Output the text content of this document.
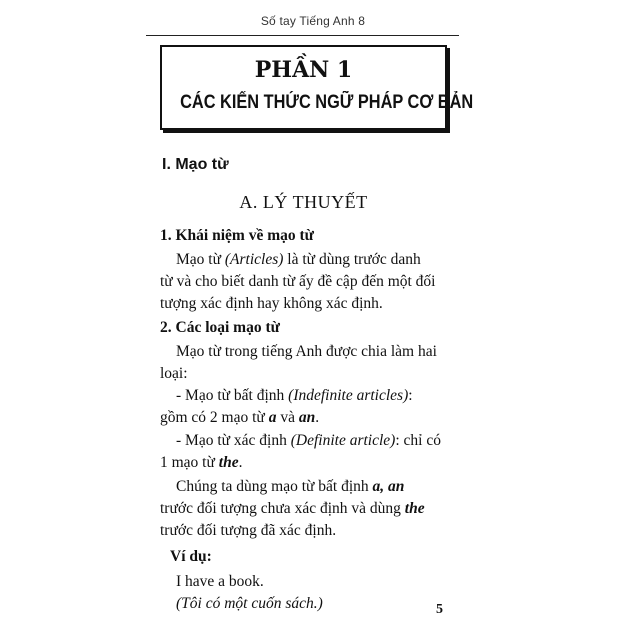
Số tay Tiếng Anh 8
PHẦN 1
CÁC KIẾN THỨC NGỮ PHÁP CƠ BẢN
I. Mạo từ
A. LÝ THUYẾT
1. Khái niệm về mạo từ
Mạo từ (Articles) là từ dùng trước danh
từ và cho biết danh từ ấy đề cập đến một đối
tượng xác định hay không xác định.
2. Các loại mạo từ
Mạo từ trong tiếng Anh được chia làm hai
loại:
- Mạo từ bất định (Indefinite articles):
gồm có 2 mạo từ a và an.
- Mạo từ xác định (Definite article): chỉ có
1 mạo từ the.
Chúng ta dùng mạo từ bất định a, an
trước đối tượng chưa xác định và dùng the
trước đối tượng đã xác định.
Ví dụ:
I have a book.
(Tôi có một cuốn sách.)	5
